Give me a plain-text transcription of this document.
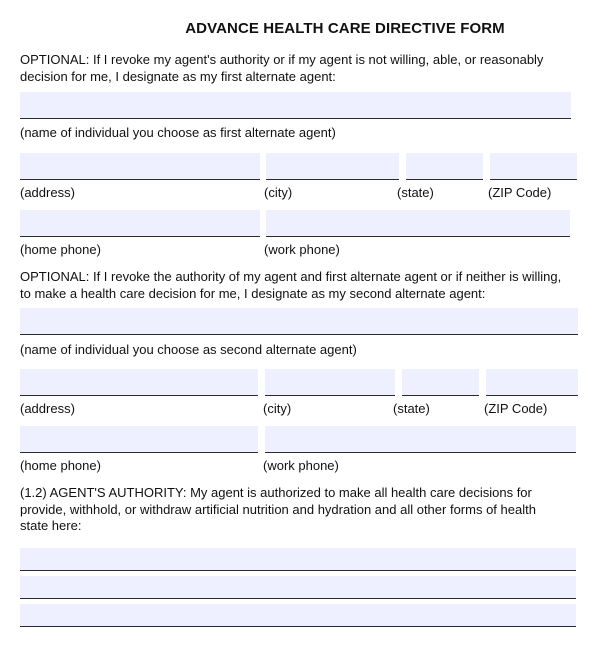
ADVANCE HEALTH CARE DIRECTIVE FORM
OPTIONAL: If I revoke my agent's authority or if my agent is not willing, able, or reasonably
decision for me, I designate as my first alternate agent:
(name of individual you choose as first alternate agent)
(address)	(city)	(state)	(ZIP Code)
(home phone)	(work phone)
OPTIONAL: If I revoke the authority of my agent and first alternate agent or if neither is willing,
to make a health care decision for me, I designate as my second alternate agent:
(name of individual you choose as second alternate agent)
(address)	(city)	(state)	(ZIP Code)
(home phone)	(work phone)
(1.2) AGENT'S AUTHORITY: My agent is authorized to make all health care decisions for
provide, withhold, or withdraw artificial nutrition and hydration and all other forms of health
state here:
